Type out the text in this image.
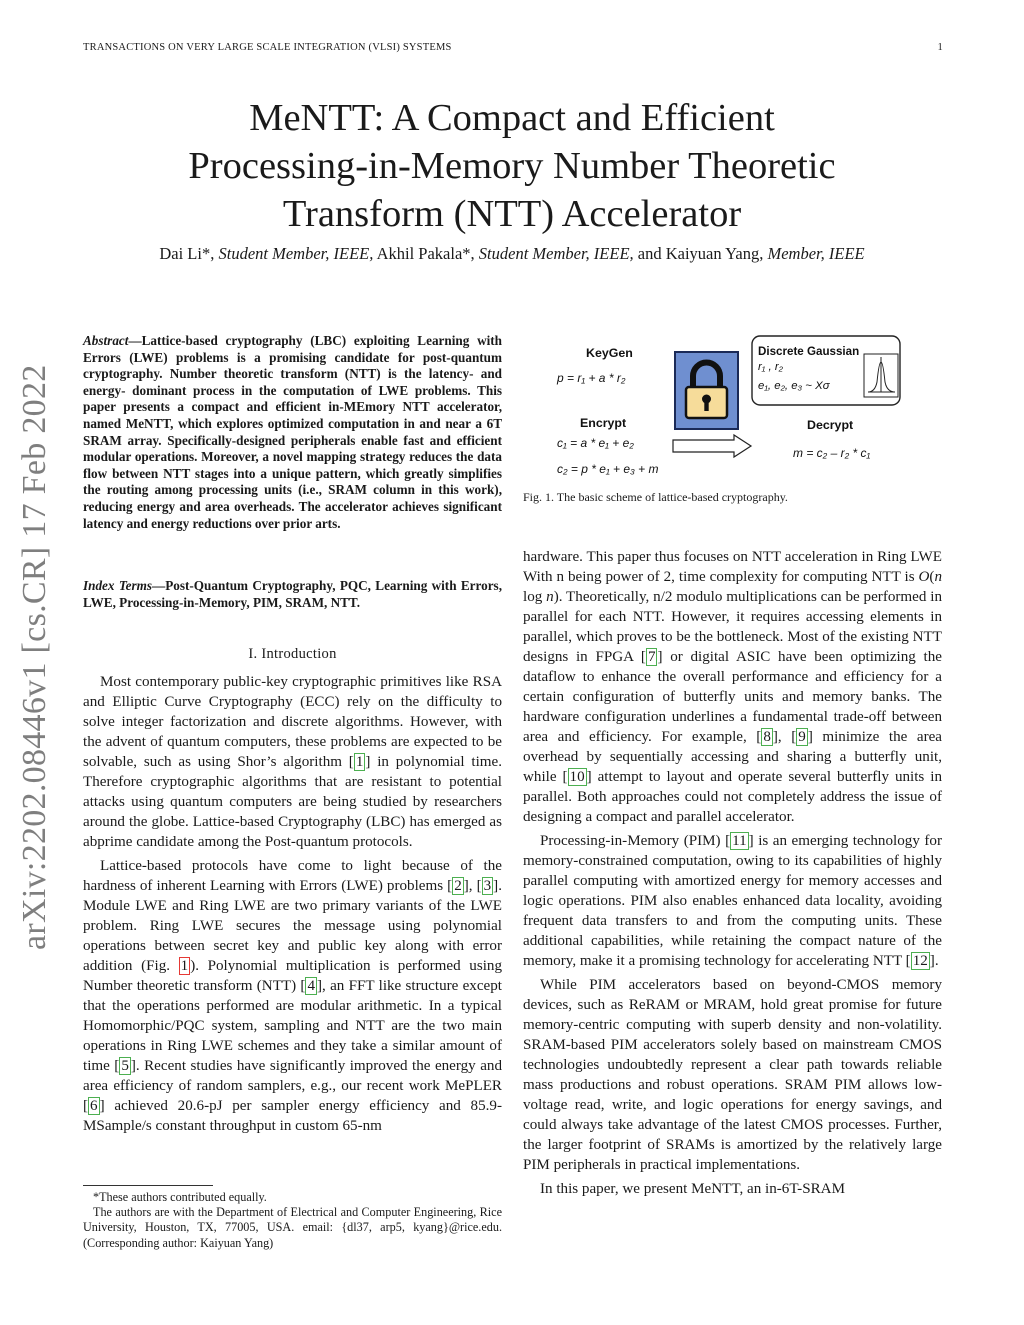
TRANSACTIONS ON VERY LARGE SCALE INTEGRATION (VLSI) SYSTEMS	1
MeNTT: A Compact and Efficient
Processing-in-Memory Number Theoretic
Transform (NTT) Accelerator
Dai Li*, Student Member, IEEE, Akhil Pakala*, Student Member, IEEE, and Kaiyuan Yang, Member, IEEE
arXiv:2202.08446v1 [cs.CR] 17 Feb 2022
Abstract—Lattice-based cryptography (LBC) exploiting Learning with Errors (LWE) problems is a promising candidate for post-quantum cryptography. Number theoretic transform (NTT) is the latency- and energy- dominant process in the computation of LWE problems. This paper presents a compact and efficient in-MEmory NTT accelerator, named MeNTT, which explores optimized computation in and near a 6T SRAM array. Specifically-designed peripherals enable fast and efficient modular operations. Moreover, a novel mapping strategy reduces the data flow between NTT stages into a unique pattern, which greatly simplifies the routing among processing units (i.e., SRAM column in this work), reducing energy and area overheads. The accelerator achieves significant latency and energy reductions over prior arts.
Index Terms—Post-Quantum Cryptography, PQC, Learning with Errors, LWE, Processing-in-Memory, PIM, SRAM, NTT.
I. Introduction

Most contemporary public-key cryptographic primitives like RSA and Elliptic Curve Cryptography (ECC) rely on the difficulty to solve integer factorization and discrete algorithms. However, with the advent of quantum computers, these problems are expected to be solvable, such as using Shor’s algorithm [ 1 ] in polynomial time. Therefore cryptographic algorithms that are resistant to potential attacks using quantum computers are being studied by researchers around the globe. Lattice-based Cryptography (LBC) has emerged as abprime candidate among the Post-quantum protocols.

Lattice-based protocols have come to light because of the hardness of inherent Learning with Errors (LWE) problems [ 2 ], [ 3 ]. Module LWE and Ring LWE are two primary variants of the LWE problem. Ring LWE secures the message using polynomial operations between secret key and public key along with error addition (Fig. 1 ). Polynomial multiplication is performed using Number theoretic transform (NTT) [ 4 ], an FFT like structure except that the operations performed are modular arithmetic. In a typical Homomorphic/PQC system, sampling and NTT are the two main operations in Ring LWE schemes and they take a similar amount of time [ 5 ]. Recent studies have significantly improved the energy and area efficiency of random samplers, e.g., our recent work MePLER [ 6 ] achieved 20.6-pJ per sampler energy efficiency and 85.9-MSample/s constant throughput in custom 65-nm

*These authors contributed equally.
The authors are with the Department of Electrical and Computer Engineering, Rice University, Houston, TX, 77005, USA. email: {dl37, arp5, kyang}@rice.edu. (Corresponding author: Kaiyuan Yang)
KeyGen
p = r₁ + a * r₂
Encrypt
c₁ = a * e₁ + e₂
c₂ = p * e₁ + e₃ + m
Discrete Gaussian
r₁ , r₂
e₁, e₂, e₃ ~ Xσ
Decrypt
m = c₂ – r₂ * c₁
Fig. 1. The basic scheme of lattice-based cryptography.

hardware. This paper thus focuses on NTT acceleration in Ring LWE With n being power of 2, time complexity for computing NTT is O(n log n). Theoretically, n/2 modulo multiplications can be performed in parallel for each NTT. However, it requires accessing elements in parallel, which proves to be the bottleneck. Most of the existing NTT designs in FPGA [ 7 ] or digital ASIC have been optimizing the dataflow to enhance the overall performance and efficiency for a certain configuration of butterfly units and memory banks. The hardware configuration underlines a fundamental trade-off between area and efficiency. For example, [ 8 ], [ 9 ] minimize the area overhead by sequentially accessing and sharing a butterfly unit, while [ 10 ] attempt to layout and operate several butterfly units in parallel. Both approaches could not completely address the issue of designing a compact and parallel accelerator.

Processing-in-Memory (PIM) [ 11 ] is an emerging technology for memory-constrained computation, owing to its capabilities of highly parallel computing with amortized energy for memory accesses and logic operations. PIM also enables enhanced data locality, avoiding frequent data transfers to and from the computing units. These additional capabilities, while retaining the compact nature of the memory, make it a promising technology for accelerating NTT [ 12 ].

While PIM accelerators based on beyond-CMOS memory devices, such as ReRAM or MRAM, hold great promise for future memory-centric computing with superb density and non-volatility. SRAM-based PIM accelerators solely based on mainstream CMOS technologies undoubtedly represent a clear path towards reliable mass productions and robust operations. SRAM PIM allows low-voltage read, write, and logic operations for energy savings, and could always take advantage of the latest CMOS processes. Further, the larger footprint of SRAMs is amortized by the relatively large PIM peripherals in practical implementations.

In this paper, we present MeNTT, an in-6T-SRAM
